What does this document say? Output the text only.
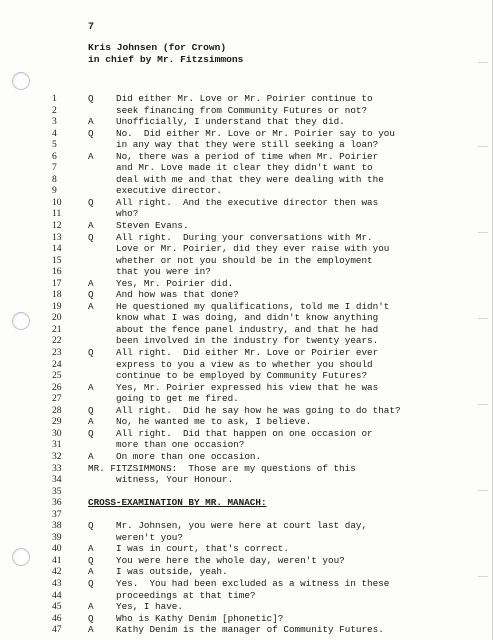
7
Kris Johnsen (for Crown)
in chief by Mr. Fitzsimmons
1	Q	Did either Mr. Love or Mr. Poirier continue to
2	seek financing from Community Futures or not?
3	A	Unofficially, I understand that they did.
4	Q	No.  Did either Mr. Love or Mr. Poirier say to you
5	in any way that they were still seeking a loan?
6	A	No, there was a period of time when Mr. Poirier
7	and Mr. Love made it clear they didn't want to
8	deal with me and that they were dealing with the
9	executive director.
10	Q	All right.  And the executive director then was
11	who?
12	A	Steven Evans.
13	Q	All right.  During your conversations with Mr.
14	Love or Mr. Poirier, did they ever raise with you
15	whether or not you should be in the employment
16	that you were in?
17	A	Yes, Mr. Poirier did.
18	Q	And how was that done?
19	A	He questioned my qualifications, told me I didn't
20	know what I was doing, and didn't know anything
21	about the fence panel industry, and that he had
22	been involved in the industry for twenty years.
23	Q	All right.  Did either Mr. Love or Poirier ever
24	express to you a view as to whether you should
25	continue to be employed by Community Futures?
26	A	Yes, Mr. Poirier expressed his view that he was
27	going to get me fired.
28	Q	All right.  Did he say how he was going to do that?
29	A	No, he wanted me to ask, I believe.
30	Q	All right.  Did that happen on one occasion or
31	more than one occasion?
32	A	On more than one occasion.
33	MR. FITZSIMMONS:  Those are my questions of this
34	witness, Your Honour.
35
36	CROSS-EXAMINATION BY MR. MANACH:
37
38	Q	Mr. Johnsen, you were here at court last day,
39	weren't you?
40	A	I was in court, that's correct.
41	Q	You were here the whole day, weren't you?
42	A	I was outside, yeah.
43	Q	Yes.  You had been excluded as a witness in these
44	proceedings at that time?
45	A	Yes, I have.
46	Q	Who is Kathy Denim [phonetic]?
47	A	Kathy Denim is the manager of Community Futures.
